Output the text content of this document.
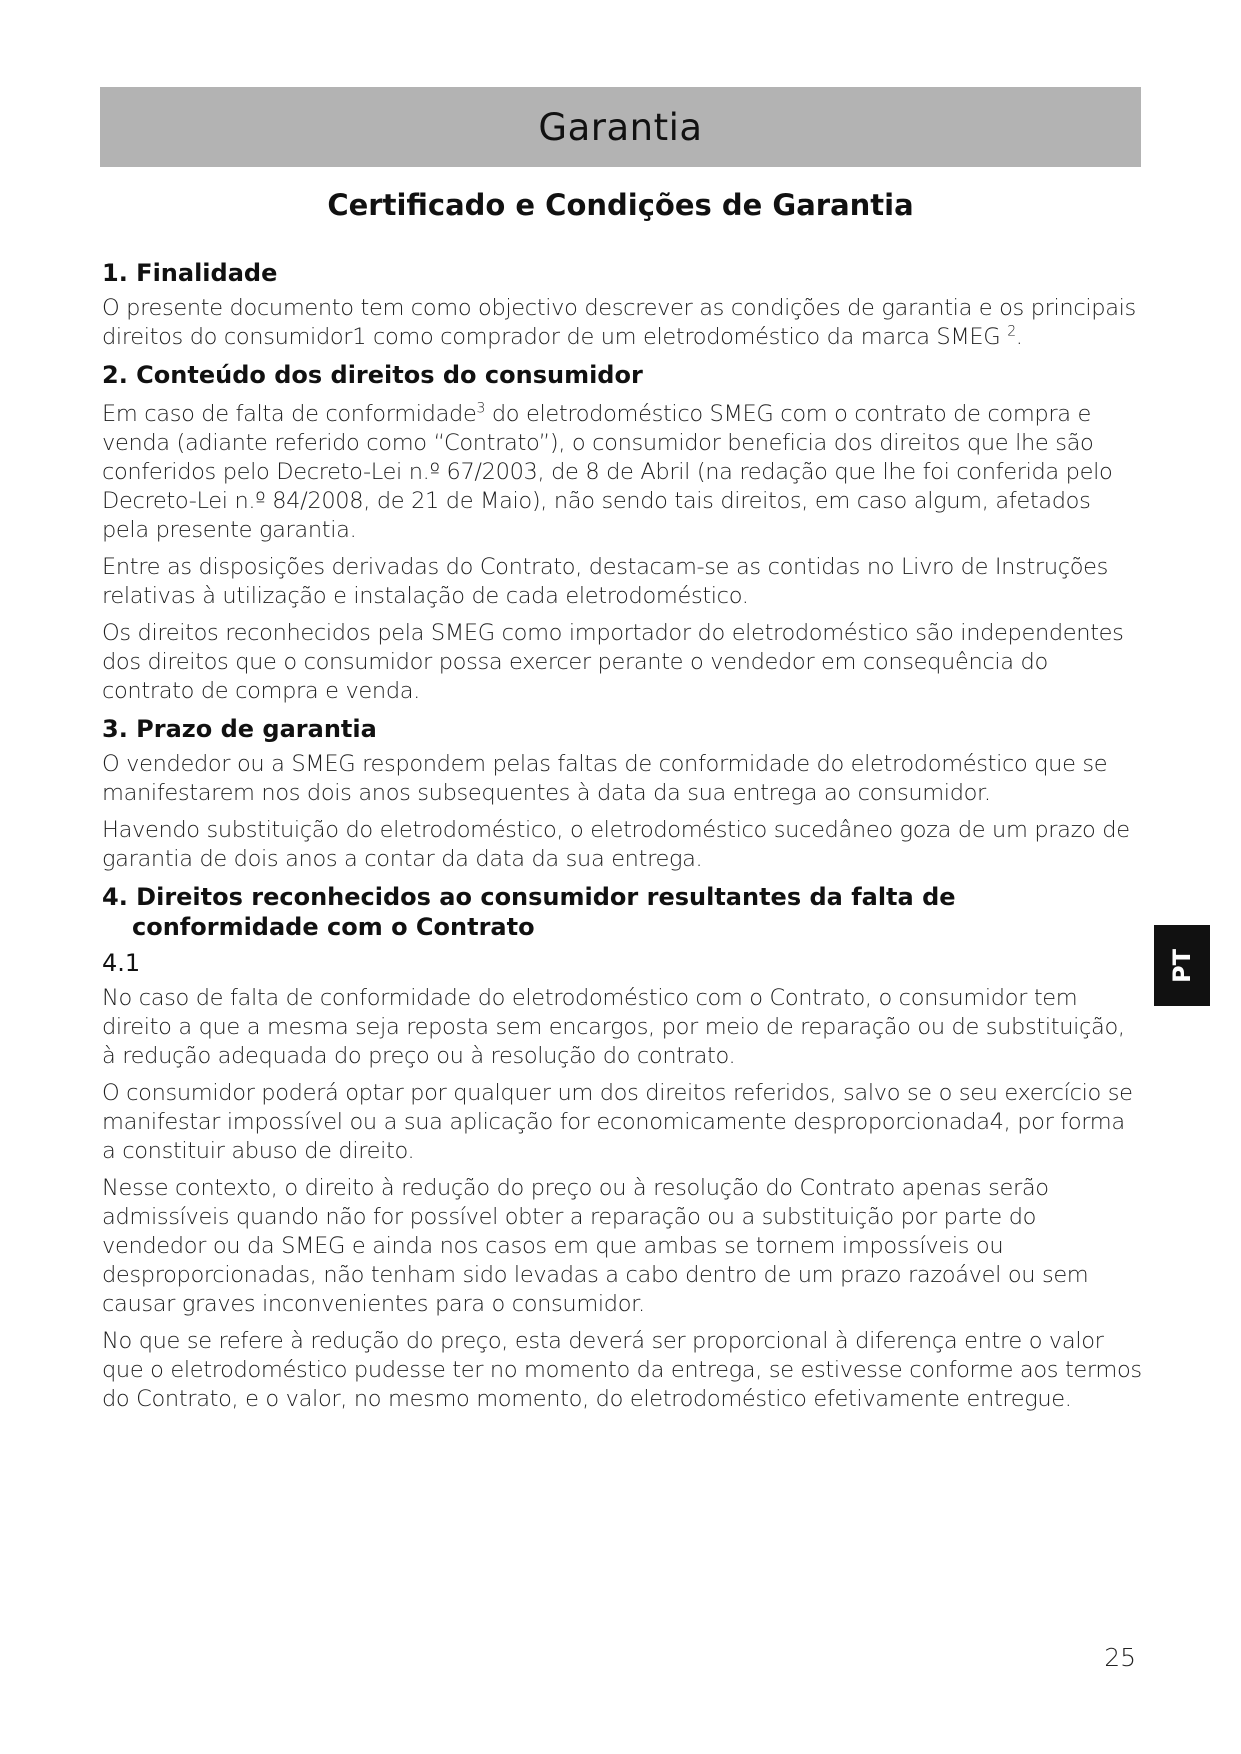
Garantia
Certificado e Condições de Garantia
1. Finalidade

O presente documento tem como objectivo descrever as condições de garantia e os principais direitos do consumidor1 como comprador de um eletrodoméstico da marca SMEG $^2$.

2. Conteúdo dos direitos do consumidor

Em caso de falta de conformidade$^3$ do eletrodoméstico SMEG com o contrato de compra e venda (adiante referido como “Contrato”), o consumidor beneficia dos direitos que lhe são conferidos pelo Decreto-Lei n.º 67/2003, de 8 de Abril (na redação que lhe foi conferida pelo Decreto-Lei n.º 84/2008, de 21 de Maio), não sendo tais direitos, em caso algum, afetados pela presente garantia.

Entre as disposições derivadas do Contrato, destacam-se as contidas no Livro de Instruções relativas à utilização e instalação de cada eletrodoméstico.

Os direitos reconhecidos pela SMEG como importador do eletrodoméstico são independentes dos direitos que o consumidor possa exercer perante o vendedor em consequência do contrato de compra e venda.

3. Prazo de garantia

O vendedor ou a SMEG respondem pelas faltas de conformidade do eletrodoméstico que se manifestarem nos dois anos subsequentes à data da sua entrega ao consumidor.

Havendo substituição do eletrodoméstico, o eletrodoméstico sucedâneo goza de um prazo de garantia de dois anos a contar da data da sua entrega.

4. Direitos reconhecidos ao consumidor resultantes da falta de conformidade com o Contrato
4.1

No caso de falta de conformidade do eletrodoméstico com o Contrato, o consumidor tem direito a que a mesma seja reposta sem encargos, por meio de reparação ou de substituição, à redução adequada do preço ou à resolução do contrato.

O consumidor poderá optar por qualquer um dos direitos referidos, salvo se o seu exercício se manifestar impossível ou a sua aplicação for economicamente desproporcionada4, por forma a constituir abuso de direito.

Nesse contexto, o direito à redução do preço ou à resolução do Contrato apenas serão admissíveis quando não for possível obter a reparação ou a substituição por parte do vendedor ou da SMEG e ainda nos casos em que ambas se tornem impossíveis ou desproporcionadas, não tenham sido levadas a cabo dentro de um prazo razoável ou sem causar graves inconvenientes para o consumidor.

No que se refere à redução do preço, esta deverá ser proporcional à diferença entre o valor que o eletrodoméstico pudesse ter no momento da entrega, se estivesse conforme aos termos do Contrato, e o valor, no mesmo momento, do eletrodoméstico efetivamente entregue.

PT
25
